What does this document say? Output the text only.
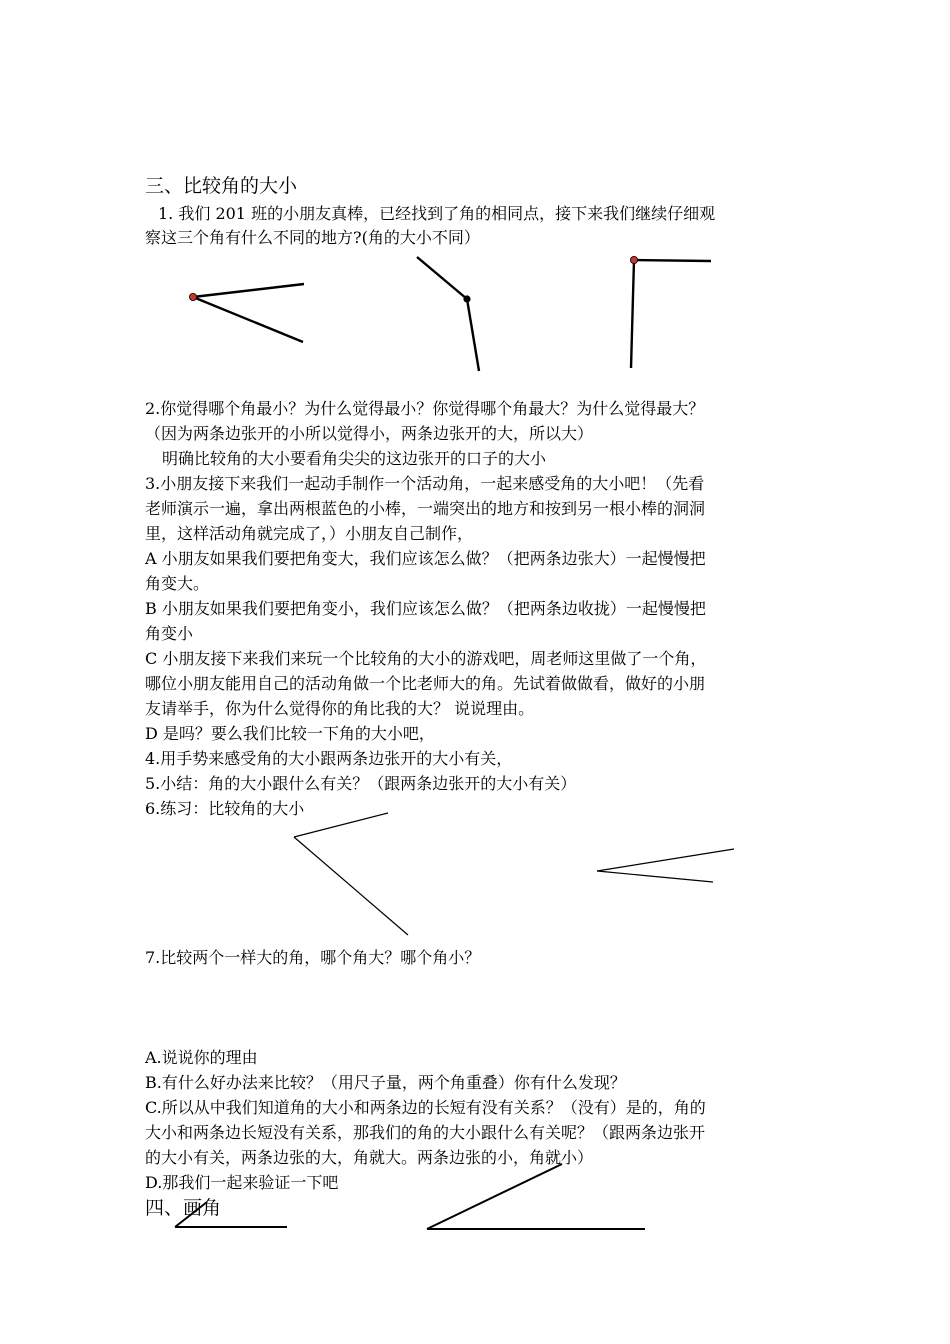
三、比较角的大小
1. 我们 201 班的小朋友真棒，已经找到了角的相同点，接下来我们继续仔细观
察这三个角有什么不同的地方?(角的大小不同）
2.你觉得哪个角最小？为什么觉得最小？你觉得哪个角最大？为什么觉得最大？
（因为两条边张开的小所以觉得小，两条边张开的大，所以大）
明确比较角的大小要看角尖尖的这边张开的口子的大小
3.小朋友接下来我们一起动手制作一个活动角，一起来感受角的大小吧！（先看
老师演示一遍，拿出两根蓝色的小棒，一端突出的地方和按到另一根小棒的洞洞
里，这样活动角就完成了，）小朋友自己制作，
A 小朋友如果我们要把角变大，我们应该怎么做？（把两条边张大）一起慢慢把
角变大。
B 小朋友如果我们要把角变小，我们应该怎么做？（把两条边收拢）一起慢慢把
角变小
C 小朋友接下来我们来玩一个比较角的大小的游戏吧，周老师这里做了一个角，
哪位小朋友能用自己的活动角做一个比老师大的角。先试着做做看，做好的小朋
友请举手，你为什么觉得你的角比我的大？ 说说理由。
D 是吗？要么我们比较一下角的大小吧，
4.用手势来感受角的大小跟两条边张开的大小有关，
5.小结：角的大小跟什么有关？（跟两条边张开的大小有关）
6.练习：比较角的大小
7.比较两个一样大的角，哪个角大？哪个角小？
A.说说你的理由
B.有什么好办法来比较？（用尺子量，两个角重叠）你有什么发现？
C.所以从中我们知道角的大小和两条边的长短有没有关系？（没有）是的，角的
大小和两条边长短没有关系，那我们的角的大小跟什么有关呢？（跟两条边张开
的大小有关，两条边张的大，角就大。两条边张的小，角就小）
D.那我们一起来验证一下吧
四、画角
